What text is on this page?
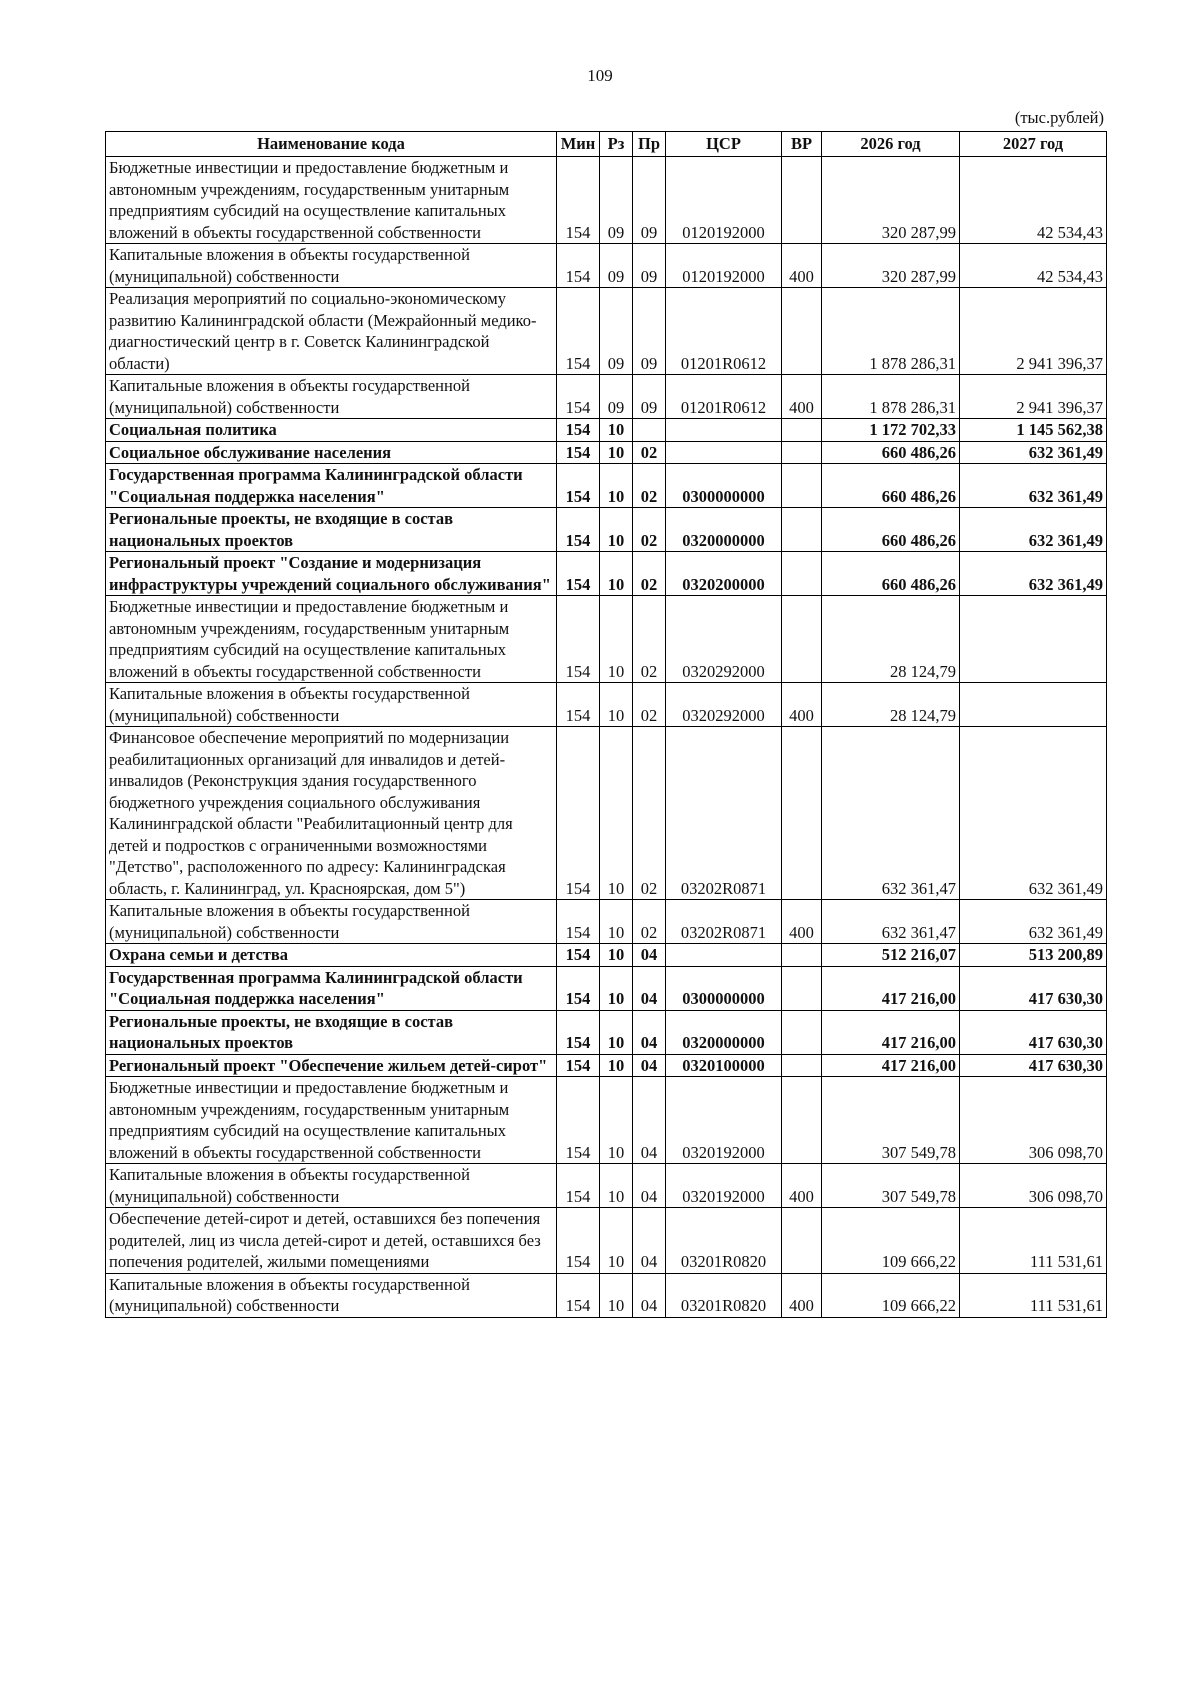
109
(тыс.рублей)
Наименование кода	Мин	Рз	Пр	ЦСР	ВР	2026 год	2027 год
Бюджетные инвестиции и предоставление бюджетным и автономным учреждениям, государственным унитарным предприятиям субсидий на осуществление капитальных вложений в объекты государственной собственности	154	09	09	0120192000		320 287,99	42 534,43
Капитальные вложения в объекты государственной (муниципальной) собственности	154	09	09	0120192000	400	320 287,99	42 534,43
Реализация мероприятий по социально-экономическому развитию Калининградской области (Межрайонный медико-диагностический центр в г. Советск Калининградской области)	154	09	09	01201R0612		1 878 286,31	2 941 396,37
Капитальные вложения в объекты государственной (муниципальной) собственности	154	09	09	01201R0612	400	1 878 286,31	2 941 396,37
Социальная политика	154	10				1 172 702,33	1 145 562,38
Социальное обслуживание населения	154	10	02			660 486,26	632 361,49
Государственная программа Калининградской области "Социальная поддержка населения"	154	10	02	0300000000		660 486,26	632 361,49
Региональные проекты, не входящие в состав национальных проектов	154	10	02	0320000000		660 486,26	632 361,49
Региональный проект "Создание и модернизация инфраструктуры учреждений социального обслуживания"	154	10	02	0320200000		660 486,26	632 361,49
Бюджетные инвестиции и предоставление бюджетным и автономным учреждениям, государственным унитарным предприятиям субсидий на осуществление капитальных вложений в объекты государственной собственности	154	10	02	0320292000		28 124,79	
Капитальные вложения в объекты государственной (муниципальной) собственности	154	10	02	0320292000	400	28 124,79	
Финансовое обеспечение мероприятий по модернизации реабилитационных организаций для инвалидов и детей-инвалидов (Реконструкция здания государственного бюджетного учреждения социального обслуживания Калининградской области "Реабилитационный центр для детей и подростков с ограниченными возможностями "Детство", расположенного по адресу: Калининградская область, г. Калининград, ул. Красноярская, дом 5")	154	10	02	03202R0871		632 361,47	632 361,49
Капитальные вложения в объекты государственной (муниципальной) собственности	154	10	02	03202R0871	400	632 361,47	632 361,49
Охрана семьи и детства	154	10	04			512 216,07	513 200,89
Государственная программа Калининградской области "Социальная поддержка населения"	154	10	04	0300000000		417 216,00	417 630,30
Региональные проекты, не входящие в состав национальных проектов	154	10	04	0320000000		417 216,00	417 630,30
Региональный проект "Обеспечение жильем детей-сирот"	154	10	04	0320100000		417 216,00	417 630,30
Бюджетные инвестиции и предоставление бюджетным и автономным учреждениям, государственным унитарным предприятиям субсидий на осуществление капитальных вложений в объекты государственной собственности	154	10	04	0320192000		307 549,78	306 098,70
Капитальные вложения в объекты государственной (муниципальной) собственности	154	10	04	0320192000	400	307 549,78	306 098,70
Обеспечение детей-сирот и детей, оставшихся без попечения родителей, лиц из числа детей-сирот и детей, оставшихся без попечения родителей, жилыми помещениями	154	10	04	03201R0820		109 666,22	111 531,61
Капитальные вложения в объекты государственной (муниципальной) собственности	154	10	04	03201R0820	400	109 666,22	111 531,61
